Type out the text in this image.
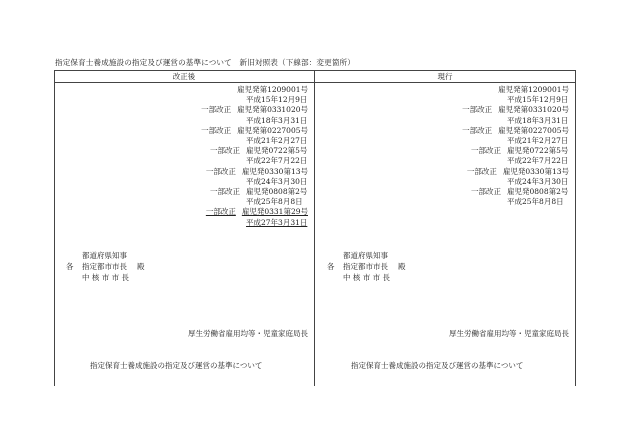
指定保育士養成施設の指定及び運営の基準について　新旧対照表（下線部：変更箇所）
改正後	現行
雇児発第1209001号
平成15年12月9日
一部改正 雇児発第0331020号
平成18年3月31日
一部改正 雇児発第0227005号
平成21年2月27日
一部改正 雇児発0722第5号
平成22年7月22日
一部改正 雇児発0330第13号
平成24年3月30日
一部改正 雇児発0808第2号
平成25年8月8日
一部改正 雇児発0331第29号
平成27年3月31日
各
都道府県知事
指定都市市長 殿
中 核 市 市 長
厚生労働省雇用均等・児童家庭局長
指定保育士養成施設の指定及び運営の基準について
雇児発第1209001号
平成15年12月9日
一部改正 雇児発第0331020号
平成18年3月31日
一部改正 雇児発第0227005号
平成21年2月27日
一部改正 雇児発0722第5号
平成22年7月22日
一部改正 雇児発0330第13号
平成24年3月30日
一部改正 雇児発0808第2号
平成25年8月8日
各
都道府県知事
指定都市市長 殿
中 核 市 市 長
厚生労働省雇用均等・児童家庭局長
指定保育士養成施設の指定及び運営の基準について
